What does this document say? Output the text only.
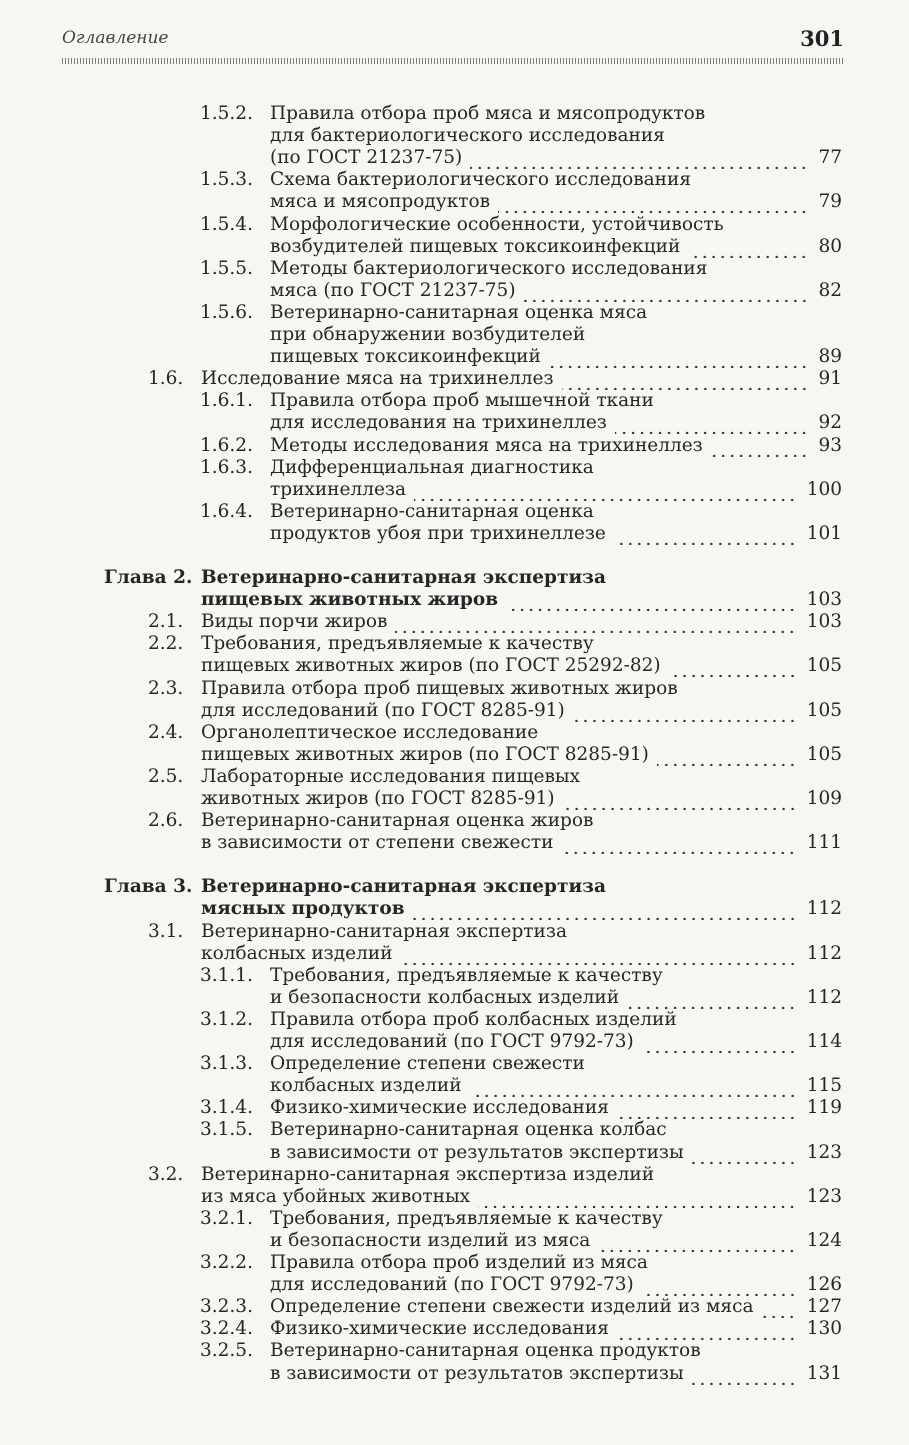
Оглавление	301
1.5.2. Правила отбора проб мяса и мясопродуктов
для бактериологического исследования
(по ГОСТ 21237-75)	77
1.5.3. Схема бактериологического исследования
мяса и мясопродуктов	79
1.5.4. Морфологические особенности, устойчивость
возбудителей пищевых токсикоинфекций	80
1.5.5. Методы бактериологического исследования
мяса (по ГОСТ 21237-75)	82
1.5.6. Ветеринарно-санитарная оценка мяса
при обнаружении возбудителей
пищевых токсикоинфекций	89
1.6. Исследование мяса на трихинеллез	91
1.6.1. Правила отбора проб мышечной ткани
для исследования на трихинеллез	92
1.6.2. Методы исследования мяса на трихинеллез	93
1.6.3. Дифференциальная диагностика
трихинеллеза	100
1.6.4. Ветеринарно-санитарная оценка
продуктов убоя при трихинеллезе	101
Глава 2. Ветеринарно-санитарная экспертиза
пищевых животных жиров	103
2.1. Виды порчи жиров	103
2.2. Требования, предъявляемые к качеству
пищевых животных жиров (по ГОСТ 25292-82)	105
2.3. Правила отбора проб пищевых животных жиров
для исследований (по ГОСТ 8285-91)	105
2.4. Органолептическое исследование
пищевых животных жиров (по ГОСТ 8285-91)	105
2.5. Лабораторные исследования пищевых
животных жиров (по ГОСТ 8285-91)	109
2.6. Ветеринарно-санитарная оценка жиров
в зависимости от степени свежести	111
Глава 3. Ветеринарно-санитарная экспертиза
мясных продуктов	112
3.1. Ветеринарно-санитарная экспертиза
колбасных изделий	112
3.1.1. Требования, предъявляемые к качеству
и безопасности колбасных изделий	112
3.1.2. Правила отбора проб колбасных изделий
для исследований (по ГОСТ 9792-73)	114
3.1.3. Определение степени свежести
колбасных изделий	115
3.1.4. Физико-химические исследования	119
3.1.5. Ветеринарно-санитарная оценка колбас
в зависимости от результатов экспертизы	123
3.2. Ветеринарно-санитарная экспертиза изделий
из мяса убойных животных	123
3.2.1. Требования, предъявляемые к качеству
и безопасности изделий из мяса	124
3.2.2. Правила отбора проб изделий из мяса
для исследований (по ГОСТ 9792-73)	126
3.2.3. Определение степени свежести изделий из мяса	127
3.2.4. Физико-химические исследования	130
3.2.5. Ветеринарно-санитарная оценка продуктов
в зависимости от результатов экспертизы	131
